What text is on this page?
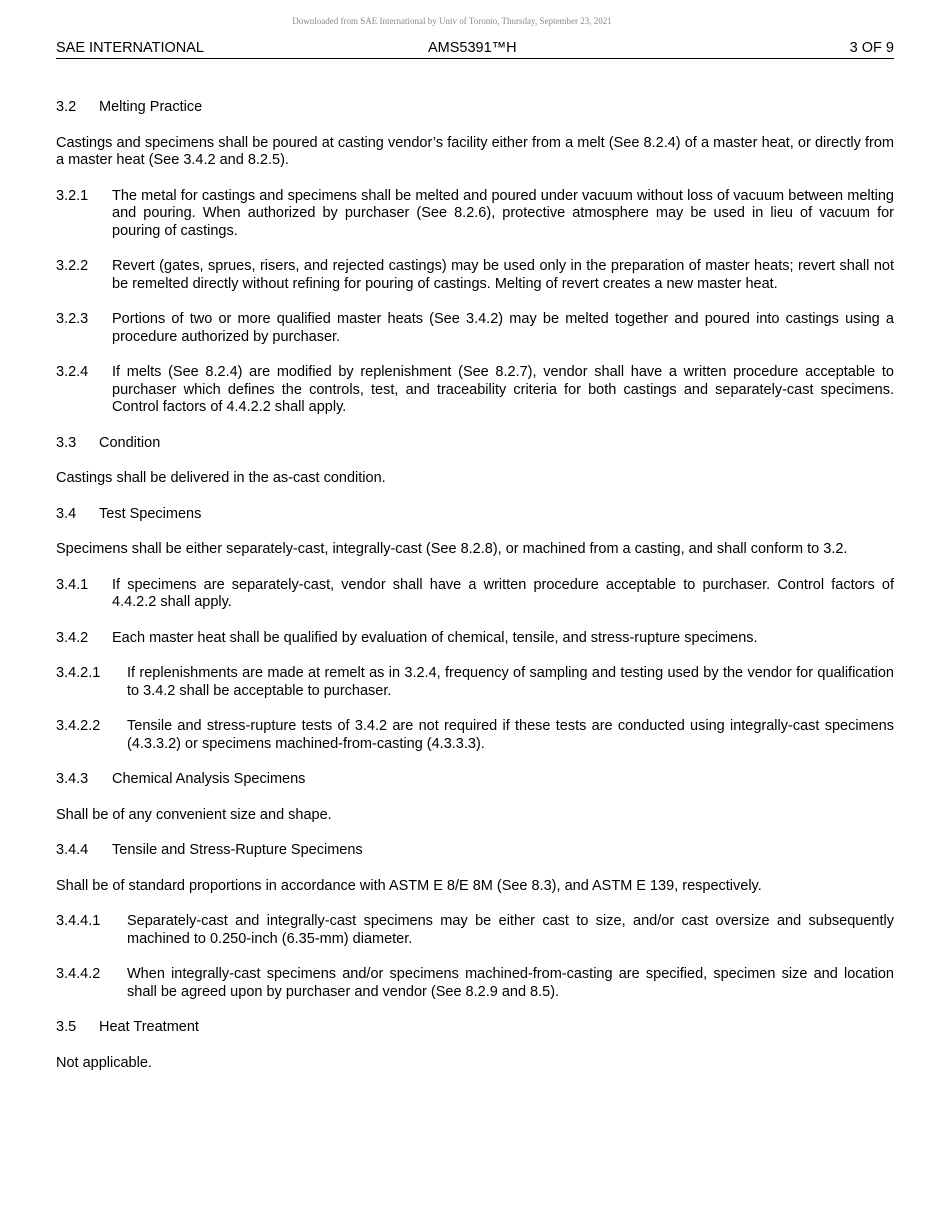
Downloaded from SAE International by Univ of Toronto, Thursday, September 23, 2021
SAE INTERNATIONAL	AMS5391™H	3 OF 9
3.2	Melting Practice
Castings and specimens shall be poured at casting vendor’s facility either from a melt (See 8.2.4) of a master heat, or directly from a master heat (See 3.4.2 and 8.2.5).
3.2.1	The metal for castings and specimens shall be melted and poured under vacuum without loss of vacuum between melting and pouring. When authorized by purchaser (See 8.2.6), protective atmosphere may be used in lieu of vacuum for pouring of castings.
3.2.2	Revert (gates, sprues, risers, and rejected castings) may be used only in the preparation of master heats; revert shall not be remelted directly without refining for pouring of castings. Melting of revert creates a new master heat.
3.2.3	Portions of two or more qualified master heats (See 3.4.2) may be melted together and poured into castings using a procedure authorized by purchaser.
3.2.4	If melts (See 8.2.4) are modified by replenishment (See 8.2.7), vendor shall have a written procedure acceptable to purchaser which defines the controls, test, and traceability criteria for both castings and separately-cast specimens. Control factors of 4.4.2.2 shall apply.
3.3	Condition
Castings shall be delivered in the as-cast condition.
3.4	Test Specimens
Specimens shall be either separately-cast, integrally-cast (See 8.2.8), or machined from a casting, and shall conform to 3.2.
3.4.1	If specimens are separately-cast, vendor shall have a written procedure acceptable to purchaser. Control factors of 4.4.2.2 shall apply.
3.4.2	Each master heat shall be qualified by evaluation of chemical, tensile, and stress-rupture specimens.
3.4.2.1	If replenishments are made at remelt as in 3.2.4, frequency of sampling and testing used by the vendor for qualification to 3.4.2 shall be acceptable to purchaser.
3.4.2.2	Tensile and stress-rupture tests of 3.4.2 are not required if these tests are conducted using integrally-cast specimens (4.3.3.2) or specimens machined-from-casting (4.3.3.3).
3.4.3	Chemical Analysis Specimens
Shall be of any convenient size and shape.
3.4.4	Tensile and Stress-Rupture Specimens
Shall be of standard proportions in accordance with ASTM E 8/E 8M (See 8.3), and ASTM E 139, respectively.
3.4.4.1	Separately-cast and integrally-cast specimens may be either cast to size, and/or cast oversize and subsequently machined to 0.250-inch (6.35-mm) diameter.
3.4.4.2	When integrally-cast specimens and/or specimens machined-from-casting are specified, specimen size and location shall be agreed upon by purchaser and vendor (See 8.2.9 and 8.5).
3.5	Heat Treatment
Not applicable.
